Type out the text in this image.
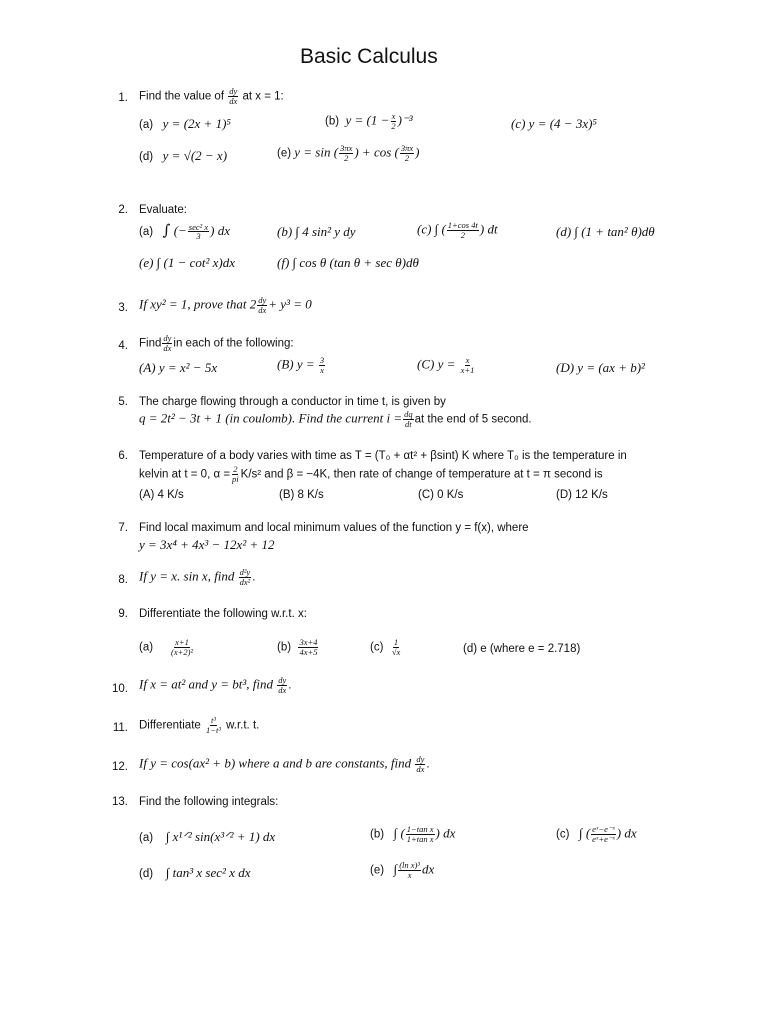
Basic Calculus
1. Find the value of $\frac{dy}{dx}$ at x = 1:
(a) y = (2x + 1)⁵	(b) $y = (1 - \frac{x}{2} )^{-3}$	(c) y = (4 − 3x)⁵
(d) y = √(2 − x)	(e) y = sin ( $\frac{3\pi x}{2}$ ) + cos ( $\frac{3\pi x}{2}$ )
2. Evaluate:
(a) ∫ (− $\frac{\text{sec² x}}{3}$ ) dx	(b) ∫ 4 sin² y dy	(c) ∫ ( $\frac{1+\cos 4t}{2}$ ) dt	(d) ∫ (1 + tan² θ)dθ
(e) ∫ (1 − cot² x)dx	(f) ∫ cos θ (tan θ + sec θ)dθ
3. If xy² = 1, prove that $2 \frac{dy}{dx} + y^3 = 0$
4. Find $\frac{dy}{dx}$ in each of the following:
(A) y = x² − 5x	(B) $y = \frac{3}{x}$	(C) $y = \frac{x}{x+1}$	(D) y = (ax + b)²
5. The charge flowing through a conductor in time t, is given by
q = 2t² − 3t + 1 (in coulomb). Find the current $i = \frac{dq}{dt}$ at the end of 5 second.
6. Temperature of a body varies with time as T = (T₀ + αt² + βsint) K where T₀ is the temperature in
kelvin at t = 0, $\alpha = \frac{2}{pi} K/s^2$ and β = −4K, then rate of change of temperature at t = π second is
(A) 4 K/s	(B) 8 K/s	(C) 0 K/s	(D) 12 K/s
7. Find local maximum and local minimum values of the function y = f(x), where
y = 3x⁴ + 4x³ − 12x² + 12
8. If y = x. sin x, find $\frac{\text{d²y}}{\text{dx²}}$ .
9. Differentiate the following w.r.t. x:
$(a) \frac{x+1}{\text{(x+2)²}}$	$(b) \frac{3x+4}{4x+5}$	$(c) \frac{1}{√x}$	(d) e (where e = 2.718)
10. If x = at² and y = bt³, find $\frac{dy}{dx}$ .
11. Differentiate $\frac{\text{t³}}{\text{1−t³}} w.r.t$. t.
12. If y = cos(ax² + b) where a and b are constants, find $\frac{dy}{dx}$ .
13. Find the following integrals:
(a) ∫ x¹ᐟ² sin(x³ᐟ² + 1) dx	(b) ∫ ( $\frac{\text{1−tan x}}{\text{1+tan x}}$ ) dx	(c) ∫ ( $\frac{\text{eˣ−e⁻ˣ}}{\text{eˣ+e⁻ˣ}}$ ) dx
(d) ∫ tan³ x sec² x dx	(e) ∫ $\frac{\text{(ln x)³}}{x}$ dx
